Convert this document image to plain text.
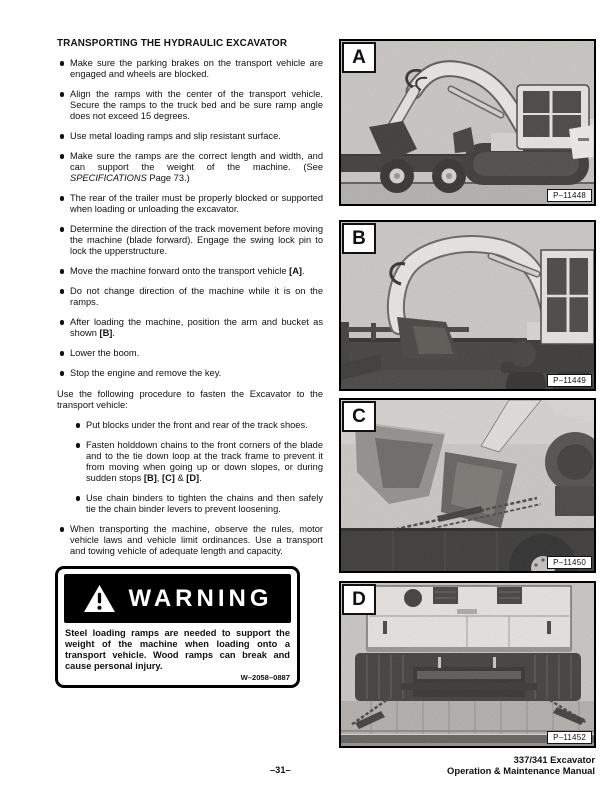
TRANSPORTING THE HYDRAULIC EXCAVATOR
Make sure the parking brakes on the transport vehicle are engaged and wheels are blocked.
Align the ramps with the center of the transport vehicle. Secure the ramps to the truck bed and be sure ramp angle does not exceed 15 degrees.
Use metal loading ramps and slip resistant surface.
Make sure the ramps are the correct length and width, and can support the weight of the machine. (See SPECIFICATIONS Page 73.)
The rear of the trailer must be properly blocked or supported when loading or unloading the excavator.
Determine the direction of the track movement before moving the machine (blade forward). Engage the swing lock pin to lock the upperstructure.
Move the machine forward onto the transport vehicle [A].
Do not change direction of the machine while it is on the ramps.
After loading the machine, position the arm and bucket as shown [B].
Lower the boom.
Stop the engine and remove the key.

Use the following procedure to fasten the Excavator to the transport vehicle:

Put blocks under the front and rear of the track shoes.
Fasten holddown chains to the front corners of the blade and to the tie down loop at the track frame to prevent it from moving when going up or down slopes, or during sudden stops [B], [C] & [D].
Use chain binders to tighten the chains and then safely tie the chain binder levers to prevent loosening.
When transporting the machine, observe the rules, motor vehicle laws and vehicle limit ordinances. Use a transport and towing vehicle of adequate length and capacity.
WARNING

Steel loading ramps are needed to support the weight of the machine when loading onto a transport vehicle. Wood ramps can break and cause personal injury.

W–2058–0887
A
P–11448
B
P–11449
C
P–11450
D
P–11452
–31–
337/341 Excavator
Operation & Maintenance Manual
